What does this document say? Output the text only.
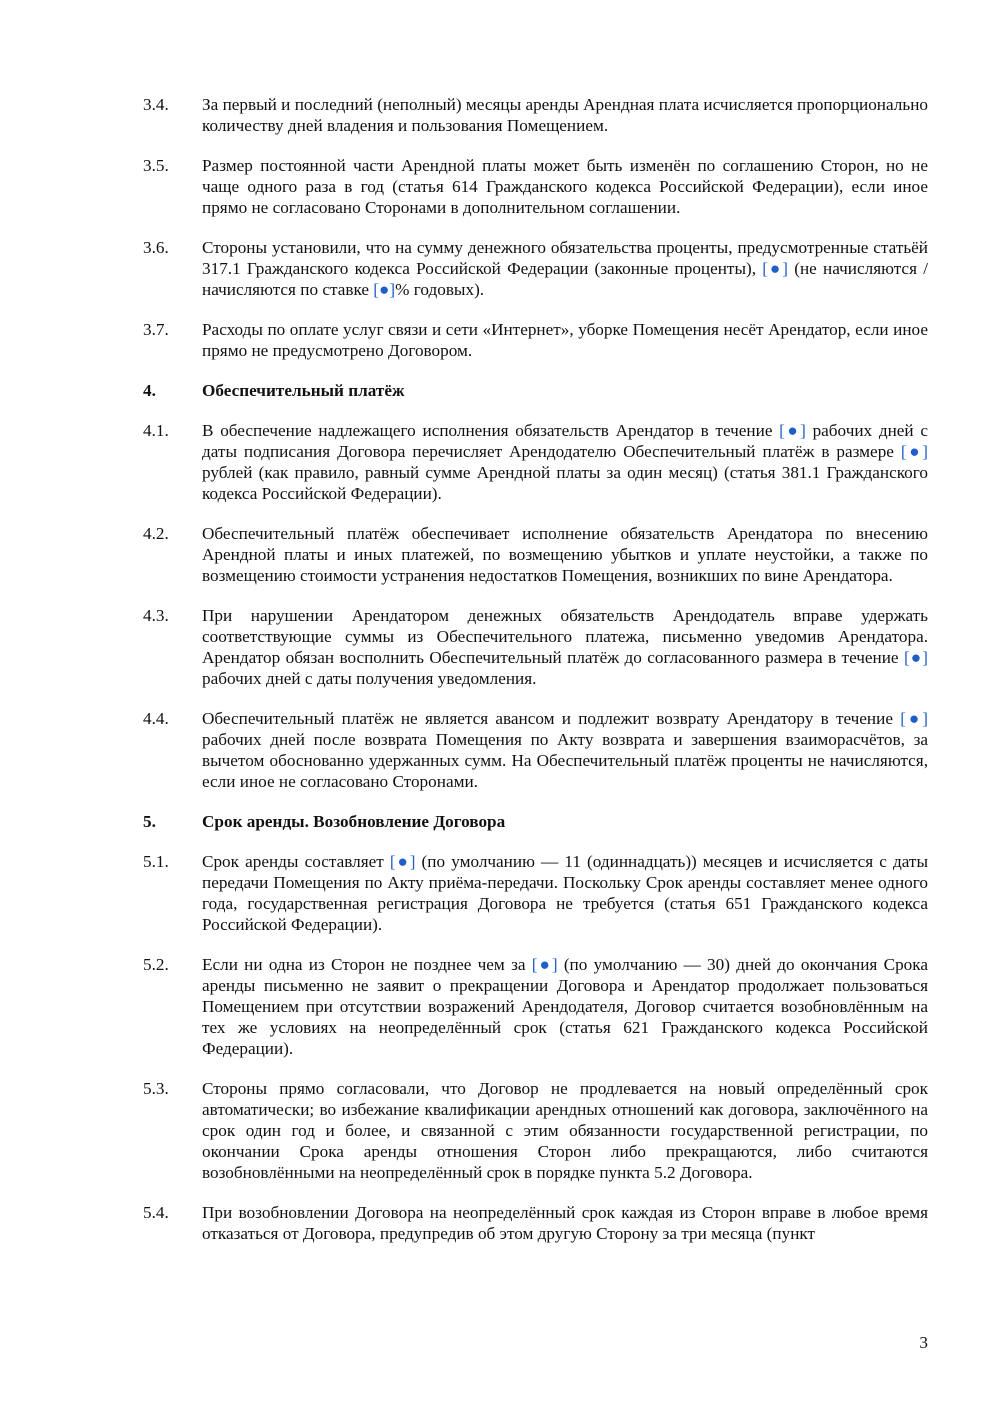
3.4.	За первый и последний (неполный) месяцы аренды Арендная плата исчисляется пропорционально количеству дней владения и пользования Помещением.
3.5.	Размер постоянной части Арендной платы может быть изменён по соглашению Сторон, но не чаще одного раза в год (статья 614 Гражданского кодекса Российской Федерации), если иное прямо не согласовано Сторонами в дополнительном соглашении.
3.6.	Стороны установили, что на сумму денежного обязательства проценты, предусмотренные статьёй 317.1 Гражданского кодекса Российской Федерации (законные проценты), [●] (не начисляются / начисляются по ставке [●]% годовых).
3.7.	Расходы по оплате услуг связи и сети «Интернет», уборке Помещения несёт Арендатор, если иное прямо не предусмотрено Договором.
4.	Обеспечительный платёж
4.1.	В обеспечение надлежащего исполнения обязательств Арендатор в течение [●] рабочих дней с даты подписания Договора перечисляет Арендодателю Обеспечительный платёж в размере [●] рублей (как правило, равный сумме Арендной платы за один месяц) (статья 381.1 Гражданского кодекса Российской Федерации).
4.2.	Обеспечительный платёж обеспечивает исполнение обязательств Арендатора по внесению Арендной платы и иных платежей, по возмещению убытков и уплате неустойки, а также по возмещению стоимости устранения недостатков Помещения, возникших по вине Арендатора.
4.3.	При нарушении Арендатором денежных обязательств Арендодатель вправе удержать соответствующие суммы из Обеспечительного платежа, письменно уведомив Арендатора. Арендатор обязан восполнить Обеспечительный платёж до согласованного размера в течение [●] рабочих дней с даты получения уведомления.
4.4.	Обеспечительный платёж не является авансом и подлежит возврату Арендатору в течение [●] рабочих дней после возврата Помещения по Акту возврата и завершения взаиморасчётов, за вычетом обоснованно удержанных сумм. На Обеспечительный платёж проценты не начисляются, если иное не согласовано Сторонами.
5.	Срок аренды. Возобновление Договора
5.1.	Срок аренды составляет [●] (по умолчанию — 11 (одиннадцать)) месяцев и исчисляется с даты передачи Помещения по Акту приёма-передачи. Поскольку Срок аренды составляет менее одного года, государственная регистрация Договора не требуется (статья 651 Гражданского кодекса Российской Федерации).
5.2.	Если ни одна из Сторон не позднее чем за [●] (по умолчанию — 30) дней до окончания Срока аренды письменно не заявит о прекращении Договора и Арендатор продолжает пользоваться Помещением при отсутствии возражений Арендодателя, Договор считается возобновлённым на тех же условиях на неопределённый срок (статья 621 Гражданского кодекса Российской Федерации).
5.3.	Стороны прямо согласовали, что Договор не продлевается на новый определённый срок автоматически; во избежание квалификации арендных отношений как договора, заключённого на срок один год и более, и связанной с этим обязанности государственной регистрации, по окончании Срока аренды отношения Сторон либо прекращаются, либо считаются возобновлёнными на неопределённый срок в порядке пункта 5.2 Договора.
5.4.	При возобновлении Договора на неопределённый срок каждая из Сторон вправе в любое время отказаться от Договора, предупредив об этом другую Сторону за три месяца (пункт
3
